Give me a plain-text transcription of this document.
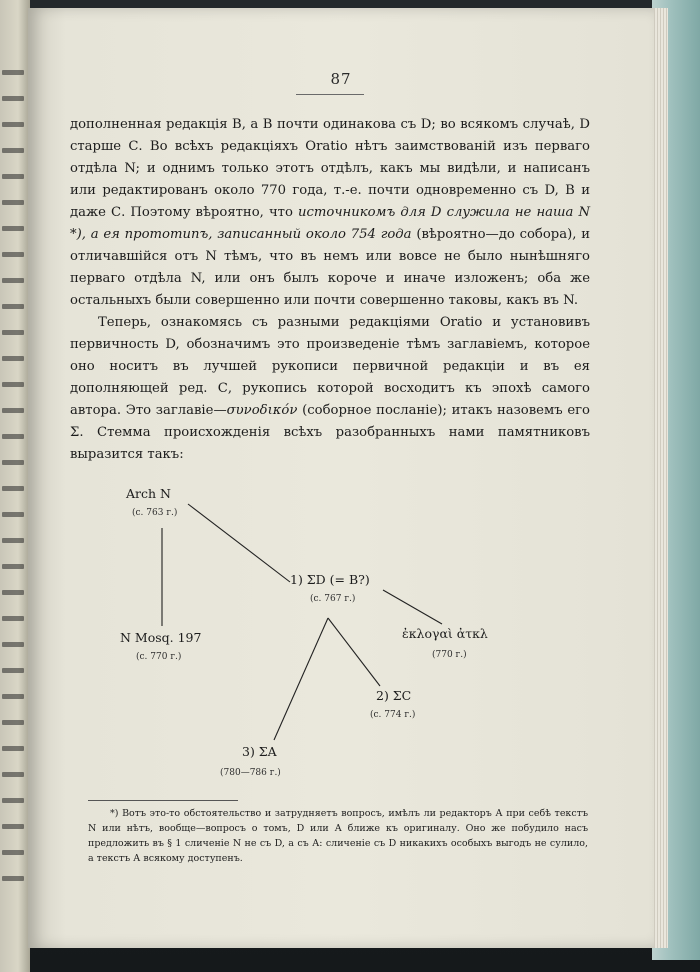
87

дополненная редакція В, а В почти одинакова съ D; во всякомъ случаѣ, D старше С. Во всѣхъ редакціяхъ Oratio нѣтъ заимствованій изъ перваго отдѣла N; и однимъ только этотъ отдѣлъ, какъ мы видѣли, и написанъ или редактированъ около 770 года, т.-е. почти одновременно съ D, В и даже С. Поэтому вѣроятно, что источникомъ для D служила не наша N *), а ея прототипъ, записанный около 754 года (вѣроятно—до собора), и отличавшійся отъ N тѣмъ, что въ немъ или вовсе не было нынѣшняго перваго отдѣла N, или онъ былъ короче и иначе изложенъ; оба же остальныхъ были совершенно или почти совершенно таковы, какъ въ N.

Теперь, ознакомясь съ разными редакціями Oratio и установивъ первичность D, обозначимъ это произведеніе тѣмъ заглавіемъ, которое оно носитъ въ лучшей рукописи первичной редакціи и въ ея дополняющей ред. С, рукопись которой восходитъ къ эпохѣ самого автора. Это заглавіе—συνοδικόν (соборное посланіе); итакъ назовемъ его Σ. Стемма происхожденія всѣхъ разобранныхъ нами памятниковъ выразится такъ:

Arch N
(c. 763 г.)
1) ΣD (= B?)
(c. 767 г.)
N Mosq. 197
(c. 770 г.)
ἐκλογαὶ ἀτκλ
(770 г.)
2) ΣC
(c. 774 г.)
3) ΣA
(780—786 г.)

*) Вотъ это-то обстоятельство и затрудняетъ вопросъ, имѣлъ ли редакторъ А при себѣ текстъ N или нѣтъ, вообще—вопросъ о томъ, D или А ближе къ оригиналу. Оно же побудило насъ предложить въ § 1 сличеніе N не съ D, а съ А: сличеніе съ D никакихъ особыхъ выгодъ не сулило, а текстъ А всякому доступенъ.
